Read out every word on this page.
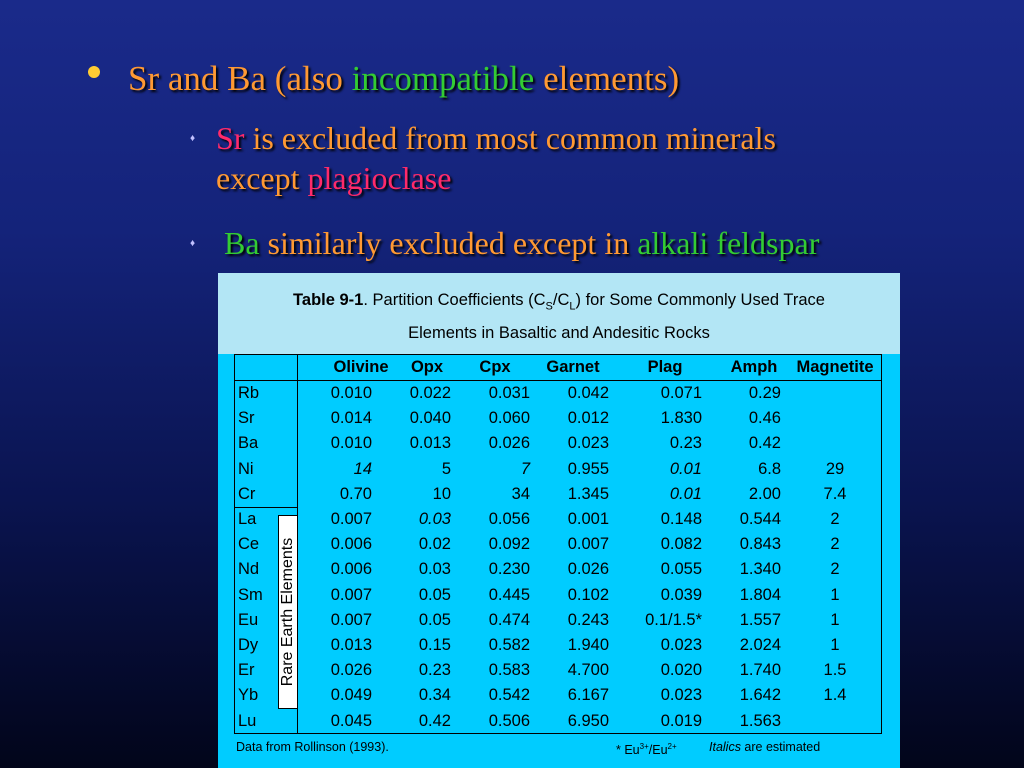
Sr and Ba (also incompatible elements)
♦ Sr is excluded from most common minerals
except plagioclase
♦ Ba similarly excluded except in alkali feldspar
Table 9-1. Partition Coefficients $(C_S/C_L)$ for Some Commonly Used Trace
Elements in Basaltic and Andesitic Rocks
Rare Earth Elements
Olivine	Opx	Cpx	Garnet	Plag	Amph	Magnetite
Rb	0.010	0.022	0.031	0.042	0.071	0.29
Sr	0.014	0.040	0.060	0.012	1.830	0.46
Ba	0.010	0.013	0.026	0.023	0.23	0.42
Ni	14	5	7	0.955	0.01	6.8	29
Cr	0.70	10	34	1.345	0.01	2.00	7.4
La	0.007	0.03	0.056	0.001	0.148	0.544	2
Ce	0.006	0.02	0.092	0.007	0.082	0.843	2
Nd	0.006	0.03	0.230	0.026	0.055	1.340	2
Sm	0.007	0.05	0.445	0.102	0.039	1.804	1
Eu	0.007	0.05	0.474	0.243	0.1/1.5*	1.557	1
Dy	0.013	0.15	0.582	1.940	0.023	2.024	1
Er	0.026	0.23	0.583	4.700	0.020	1.740	1.5
Yb	0.049	0.34	0.542	6.167	0.023	1.642	1.4
Lu	0.045	0.42	0.506	6.950	0.019	1.563
Data from Rollinson (1993).	* $Eu^{3+}/Eu^{2+}$	Italics are estimated
